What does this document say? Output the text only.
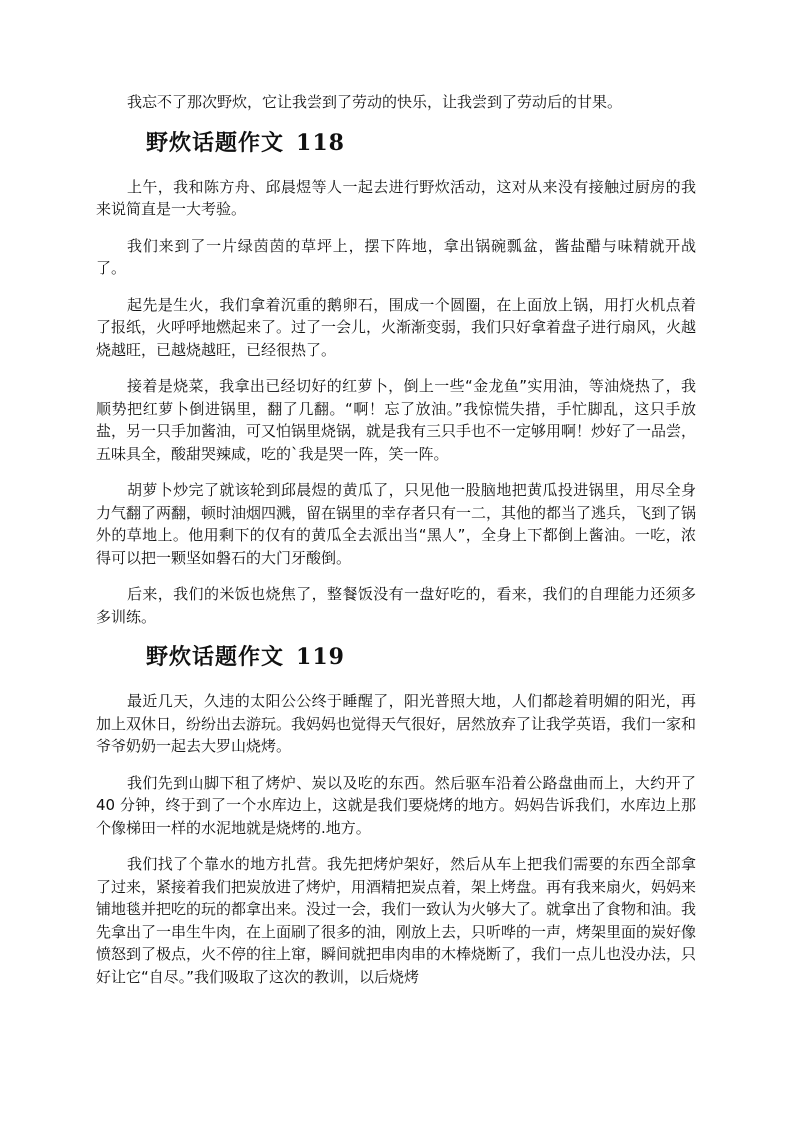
我忘不了那次野炊，它让我尝到了劳动的快乐，让我尝到了劳动后的甘果。

野炊话题作文 118

上午，我和陈方舟、邱晨煜等人一起去进行野炊活动，这对从来没有接触过厨房的我来说简直是一大考验。

我们来到了一片绿茵茵的草坪上，摆下阵地，拿出锅碗瓢盆，酱盐醋与味精就开战了。

起先是生火，我们拿着沉重的鹅卵石，围成一个圆圈，在上面放上锅，用打火机点着了报纸，火呼呼地燃起来了。过了一会儿，火渐渐变弱，我们只好拿着盘子进行扇风，火越烧越旺，已越烧越旺，已经很热了。

接着是烧菜，我拿出已经切好的红萝卜，倒上一些“金龙鱼”实用油，等油烧热了，我顺势把红萝卜倒进锅里，翻了几翻。“啊！忘了放油。”我惊慌失措，手忙脚乱，这只手放盐，另一只手加酱油，可又怕锅里烧锅，就是我有三只手也不一定够用啊！炒好了一品尝，五味具全，酸甜哭辣咸，吃的`我是哭一阵，笑一阵。

胡萝卜炒完了就该轮到邱晨煜的黄瓜了，只见他一股脑地把黄瓜投进锅里，用尽全身力气翻了两翻，顿时油烟四溅，留在锅里的幸存者只有一二，其他的都当了逃兵，飞到了锅外的草地上。他用剩下的仅有的黄瓜全去派出当“黑人”，全身上下都倒上酱油。一吃，浓得可以把一颗坚如磐石的大门牙酸倒。

后来，我们的米饭也烧焦了，整餐饭没有一盘好吃的，看来，我们的自理能力还须多多训练。

野炊话题作文 119

最近几天，久违的太阳公公终于睡醒了，阳光普照大地，人们都趁着明媚的阳光，再加上双休日，纷纷出去游玩。我妈妈也觉得天气很好，居然放弃了让我学英语，我们一家和爷爷奶奶一起去大罗山烧烤。

我们先到山脚下租了烤炉、炭以及吃的东西。然后驱车沿着公路盘曲而上，大约开了 40 分钟，终于到了一个水库边上，这就是我们要烧烤的地方。妈妈告诉我们，水库边上那个像梯田一样的水泥地就是烧烤的.地方。

我们找了个靠水的地方扎营。我先把烤炉架好，然后从车上把我们需要的东西全部拿了过来，紧接着我们把炭放进了烤炉，用酒精把炭点着，架上烤盘。再有我来扇火，妈妈来铺地毯并把吃的玩的都拿出来。没过一会，我们一致认为火够大了。就拿出了食物和油。我先拿出了一串生牛肉，在上面刷了很多的油，刚放上去，只听哗的一声，烤架里面的炭好像愤怒到了极点，火不停的往上窜，瞬间就把串肉串的木棒烧断了，我们一点儿也没办法，只好让它“自尽。”我们吸取了这次的教训，以后烧烤
